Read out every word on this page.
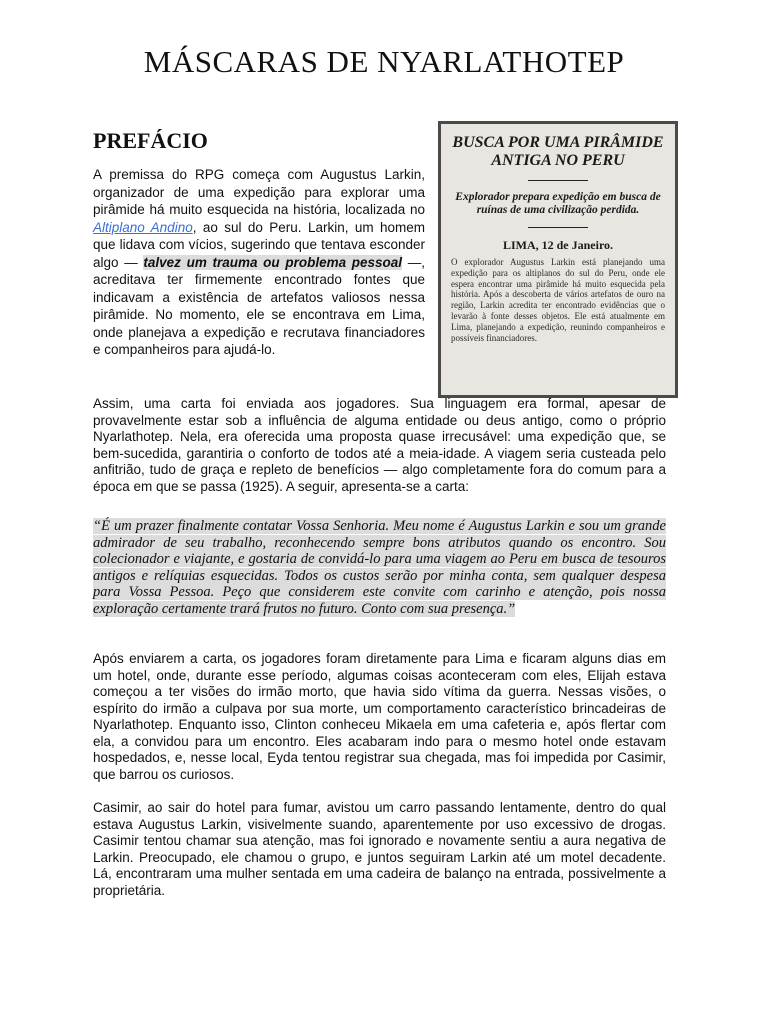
MÁSCARAS DE NYARLATHOTEP
PREFÁCIO
A premissa do RPG começa com Augustus Larkin, organizador de uma expedição para explorar uma pirâmide há muito esquecida na história, localizada no Altiplano Andino, ao sul do Peru. Larkin, um homem que lidava com vícios, sugerindo que tentava esconder algo — talvez um trauma ou problema pessoal —, acreditava ter firmemente encontrado fontes que indicavam a existência de artefatos valiosos nessa pirâmide. No momento, ele se encontrava em Lima, onde planejava a expedição e recrutava financiadores e companheiros para ajudá-lo.
BUSCA POR UMA PIRÂMIDE ANTIGA NO PERU
Explorador prepara expedição em busca de ruínas de uma civilização perdida.
LIMA, 12 de Janeiro.
O explorador Augustus Larkin está planejando uma expedição para os altiplanos do sul do Peru, onde ele espera encontrar uma pirâmide há muito esquecida pela história. Após a descoberta de vários artefatos de ouro na região, Larkin acredita ter encontrado evidências que o levarão à fonte desses objetos. Ele está atualmente em Lima, planejando a expedição, reunindo companheiros e possíveis financiadores.
Assim, uma carta foi enviada aos jogadores. Sua linguagem era formal, apesar de provavelmente estar sob a influência de alguma entidade ou deus antigo, como o próprio Nyarlathotep. Nela, era oferecida uma proposta quase irrecusável: uma expedição que, se bem-sucedida, garantiria o conforto de todos até a meia-idade. A viagem seria custeada pelo anfitrião, tudo de graça e repleto de benefícios — algo completamente fora do comum para a época em que se passa (1925). A seguir, apresenta-se a carta:
“É um prazer finalmente contatar Vossa Senhoria. Meu nome é Augustus Larkin e sou um grande admirador de seu trabalho, reconhecendo sempre bons atributos quando os encontro. Sou colecionador e viajante, e gostaria de convidá-lo para uma viagem ao Peru em busca de tesouros antigos e relíquias esquecidas. Todos os custos serão por minha conta, sem qualquer despesa para Vossa Pessoa. Peço que considerem este convite com carinho e atenção, pois nossa exploração certamente trará frutos no futuro. Conto com sua presença.”
Após enviarem a carta, os jogadores foram diretamente para Lima e ficaram alguns dias em um hotel, onde, durante esse período, algumas coisas aconteceram com eles, Elijah estava começou a ter visões do irmão morto, que havia sido vítima da guerra. Nessas visões, o espírito do irmão a culpava por sua morte, um comportamento característico brincadeiras de Nyarlathotep. Enquanto isso, Clinton conheceu Mikaela em uma cafeteria e, após flertar com ela, a convidou para um encontro. Eles acabaram indo para o mesmo hotel onde estavam hospedados, e, nesse local, Eyda tentou registrar sua chegada, mas foi impedida por Casimir, que barrou os curiosos.
Casimir, ao sair do hotel para fumar, avistou um carro passando lentamente, dentro do qual estava Augustus Larkin, visivelmente suando, aparentemente por uso excessivo de drogas. Casimir tentou chamar sua atenção, mas foi ignorado e novamente sentiu a aura negativa de Larkin. Preocupado, ele chamou o grupo, e juntos seguiram Larkin até um motel decadente. Lá, encontraram uma mulher sentada em uma cadeira de balanço na entrada, possivelmente a proprietária.
